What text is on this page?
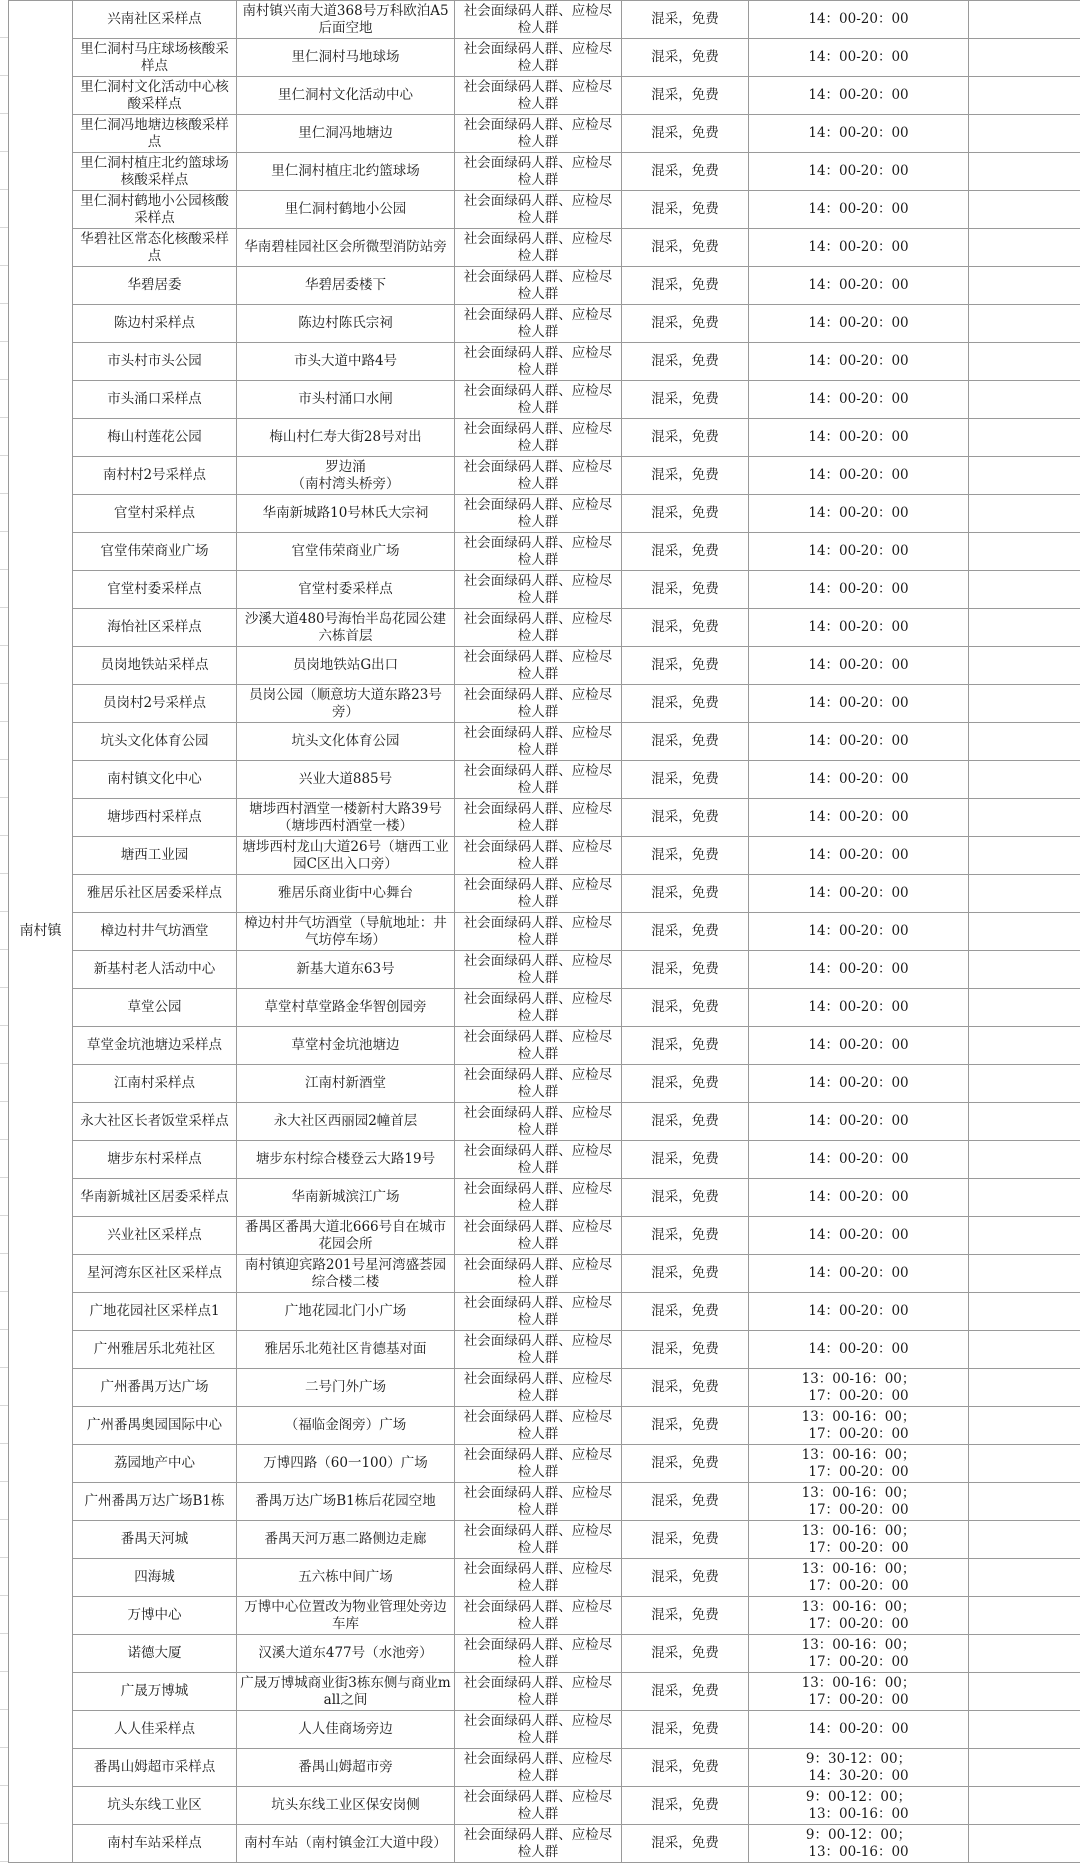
南村镇	兴南社区采样点	南村镇兴南大道368号万科欧泊A5后面空地	社会面绿码人群、应检尽检人群	混采，免费	14：00-20：00	

	里仁洞村马庄球场核酸采样点	里仁洞村马地球场	社会面绿码人群、应检尽检人群	混采，免费	14：00-20：00	

	里仁洞村文化活动中心核酸采样点	里仁洞村文化活动中心	社会面绿码人群、应检尽检人群	混采，免费	14：00-20：00	

	里仁洞冯地塘边核酸采样点	里仁洞冯地塘边	社会面绿码人群、应检尽检人群	混采，免费	14：00-20：00	

	里仁洞村植庄北约篮球场核酸采样点	里仁洞村植庄北约篮球场	社会面绿码人群、应检尽检人群	混采，免费	14：00-20：00	

	里仁洞村鹤地小公园核酸采样点	里仁洞村鹤地小公园	社会面绿码人群、应检尽检人群	混采，免费	14：00-20：00	

	华碧社区常态化核酸采样点	华南碧桂园社区会所微型消防站旁	社会面绿码人群、应检尽检人群	混采，免费	14：00-20：00	

	华碧居委	华碧居委楼下	社会面绿码人群、应检尽检人群	混采，免费	14：00-20：00	

	陈边村采样点	陈边村陈氏宗祠	社会面绿码人群、应检尽检人群	混采，免费	14：00-20：00	

	市头村市头公园	市头大道中路4号	社会面绿码人群、应检尽检人群	混采，免费	14：00-20：00	

	市头涌口采样点	市头村涌口水闸	社会面绿码人群、应检尽检人群	混采，免费	14：00-20：00	

	梅山村莲花公园	梅山村仁寿大街28号对出	社会面绿码人群、应检尽检人群	混采，免费	14：00-20：00	

	南村村2号采样点	罗边涌
（南村湾头桥旁）	社会面绿码人群、应检尽检人群	混采，免费	14：00-20：00	

	官堂村采样点	华南新城路10号林氏大宗祠	社会面绿码人群、应检尽检人群	混采，免费	14：00-20：00	

	官堂伟荣商业广场	官堂伟荣商业广场	社会面绿码人群、应检尽检人群	混采，免费	14：00-20：00	

	官堂村委采样点	官堂村委采样点	社会面绿码人群、应检尽检人群	混采，免费	14：00-20：00	

	海怡社区采样点	沙溪大道480号海怡半岛花园公建六栋首层	社会面绿码人群、应检尽检人群	混采，免费	14：00-20：00	

	员岗地铁站采样点	员岗地铁站G出口	社会面绿码人群、应检尽检人群	混采，免费	14：00-20：00	

	员岗村2号采样点	员岗公园（顺意坊大道东路23号旁）	社会面绿码人群、应检尽检人群	混采，免费	14：00-20：00	

	坑头文化体育公园	坑头文化体育公园	社会面绿码人群、应检尽检人群	混采，免费	14：00-20：00	

	南村镇文化中心	兴业大道885号	社会面绿码人群、应检尽检人群	混采，免费	14：00-20：00	

	塘埗西村采样点	塘埗西村酒堂一楼新村大路39号（塘埗西村酒堂一楼）	社会面绿码人群、应检尽检人群	混采，免费	14：00-20：00	

	塘西工业园	塘埗西村龙山大道26号（塘西工业园C区出入口旁）	社会面绿码人群、应检尽检人群	混采，免费	14：00-20：00	

	雅居乐社区居委采样点	雅居乐商业街中心舞台	社会面绿码人群、应检尽检人群	混采，免费	14：00-20：00	

	樟边村井气坊酒堂	樟边村井气坊酒堂（导航地址：井气坊停车场）	社会面绿码人群、应检尽检人群	混采，免费	14：00-20：00	

	新基村老人活动中心	新基大道东63号	社会面绿码人群、应检尽检人群	混采，免费	14：00-20：00	

	草堂公园	草堂村草堂路金华智创园旁	社会面绿码人群、应检尽检人群	混采，免费	14：00-20：00	

	草堂金坑池塘边采样点	草堂村金坑池塘边	社会面绿码人群、应检尽检人群	混采，免费	14：00-20：00	

	江南村采样点	江南村新酒堂	社会面绿码人群、应检尽检人群	混采，免费	14：00-20：00	

	永大社区长者饭堂采样点	永大社区西丽园2幢首层	社会面绿码人群、应检尽检人群	混采，免费	14：00-20：00	

	塘步东村采样点	塘步东村综合楼登云大路19号	社会面绿码人群、应检尽检人群	混采，免费	14：00-20：00	

	华南新城社区居委采样点	华南新城滨江广场	社会面绿码人群、应检尽检人群	混采，免费	14：00-20：00	

	兴业社区采样点	番禺区番禺大道北666号自在城市花园会所	社会面绿码人群、应检尽检人群	混采，免费	14：00-20：00	

	星河湾东区社区采样点	南村镇迎宾路201号星河湾盛荟园综合楼二楼	社会面绿码人群、应检尽检人群	混采，免费	14：00-20：00	

	广地花园社区采样点1	广地花园北门小广场	社会面绿码人群、应检尽检人群	混采，免费	14：00-20：00	

	广州雅居乐北苑社区	雅居乐北苑社区肯德基对面	社会面绿码人群、应检尽检人群	混采，免费	14：00-20：00	

	广州番禺万达广场	二号门外广场	社会面绿码人群、应检尽检人群	混采，免费	13：00-16：00；
17：00-20：00	

	广州番禺奥园国际中心	（福临金阁旁）广场	社会面绿码人群、应检尽检人群	混采，免费	13：00-16：00；
17：00-20：00	

	荔园地产中心	万博四路（60一100）广场	社会面绿码人群、应检尽检人群	混采，免费	13：00-16：00；
17：00-20：00	

	广州番禺万达广场B1栋	番禺万达广场B1栋后花园空地	社会面绿码人群、应检尽检人群	混采，免费	13：00-16：00；
17：00-20：00	

	番禺天河城	番禺天河万惠二路侧边走廊	社会面绿码人群、应检尽检人群	混采，免费	13：00-16：00；
17：00-20：00	

	四海城	五六栋中间广场	社会面绿码人群、应检尽检人群	混采，免费	13：00-16：00；
17：00-20：00	

	万博中心	万博中心位置改为物业管理处旁边车库	社会面绿码人群、应检尽检人群	混采，免费	13：00-16：00；
17：00-20：00	

	诺德大厦	汉溪大道东477号（水池旁）	社会面绿码人群、应检尽检人群	混采，免费	13：00-16：00；
17：00-20：00	

	广晟万博城	广晟万博城商业街3栋东侧与商业mall之间	社会面绿码人群、应检尽检人群	混采，免费	13：00-16：00；
17：00-20：00	

	人人佳采样点	人人佳商场旁边	社会面绿码人群、应检尽检人群	混采，免费	14：00-20：00	

	番禺山姆超市采样点	番禺山姆超市旁	社会面绿码人群、应检尽检人群	混采，免费	9：30-12：00；
14：30-20：00	

	坑头东线工业区	坑头东线工业区保安岗侧	社会面绿码人群、应检尽检人群	混采，免费	9：00-12：00；
13：00-16：00	

	南村车站采样点	南村车站（南村镇金江大道中段）	社会面绿码人群、应检尽检人群	混采，免费	9：00-12：00；
13：00-16：00	
